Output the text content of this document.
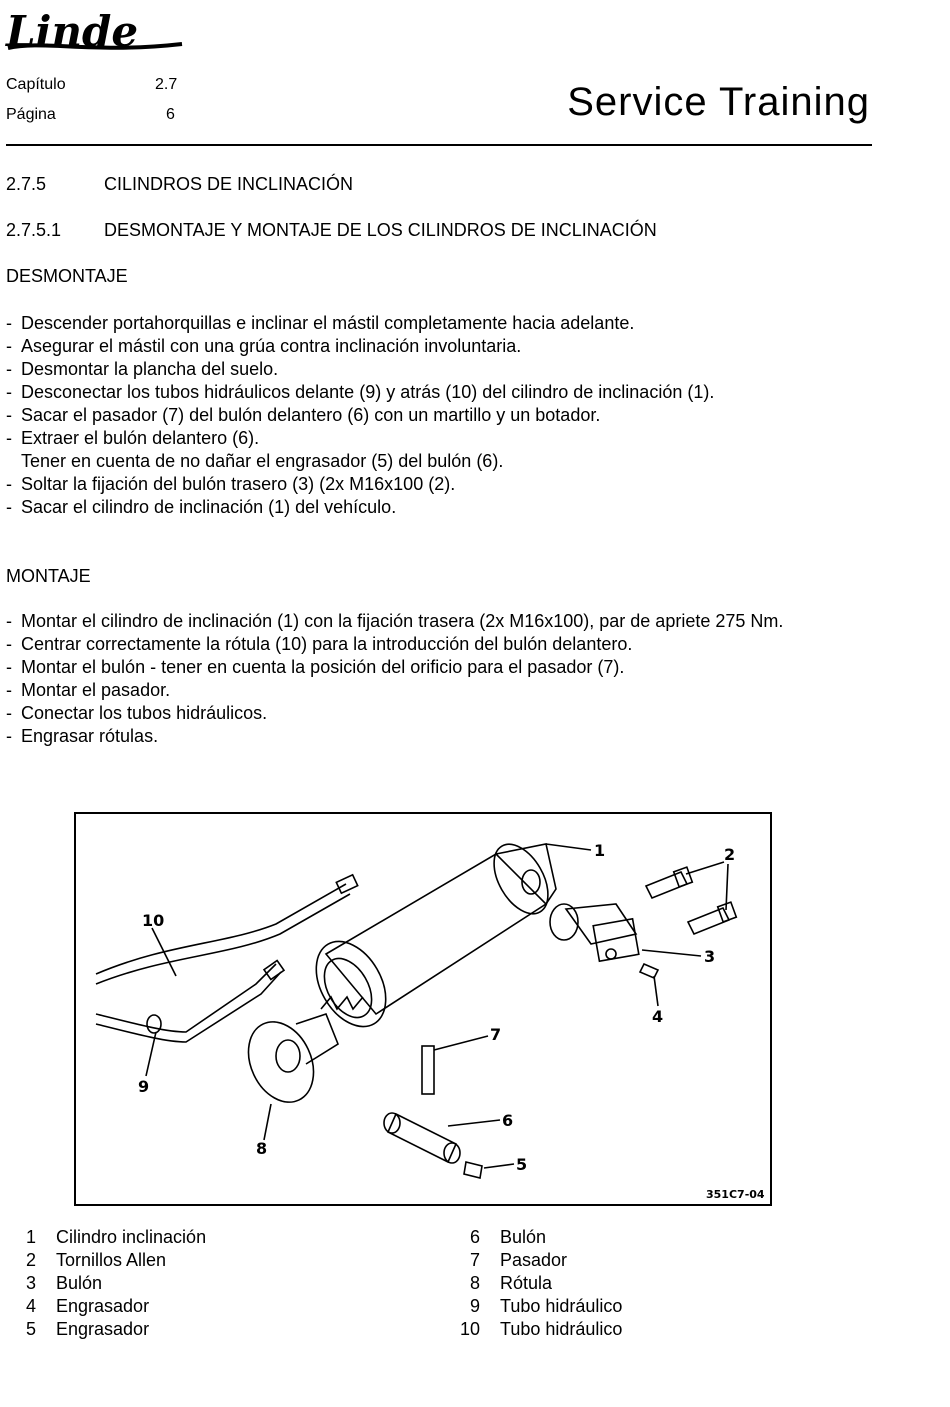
Linde
Capítulo	2.7
Página	6	Service Training
2.7.5	CILINDROS DE INCLINACIÓN
2.7.5.1 DESMONTAJE Y MONTAJE DE LOS CILINDROS DE INCLINACIÓN
DESMONTAJE
- Descender portahorquillas e inclinar el mástil completamente hacia adelante.
- Asegurar el mástil con una grúa contra inclinación involuntaria.
- Desmontar la plancha del suelo.
- Desconectar los tubos hidráulicos delante (9) y atrás (10) del cilindro de inclinación (1).
- Sacar el pasador (7) del bulón delantero (6) con un martillo y un botador.
- Extraer el bulón delantero (6).
Tener en cuenta de no dañar el engrasador (5) del bulón (6).
- Soltar la fijación del bulón trasero (3) (2x M16x100 (2).
- Sacar el cilindro de inclinación (1) del vehículo.
MONTAJE
- Montar el cilindro de inclinación (1) con la fijación trasera (2x M16x100), par de apriete 275 Nm.
- Centrar correctamente la rótula (10) para la introducción del bulón delantero.
- Montar el bulón - tener en cuenta la posición del orificio para el pasador (7).
- Montar el pasador.
- Conectar los tubos hidráulicos.
- Engrasar rótulas.
1	2
3
4
5
6
7
8
9
10
351C7-04
1 Cilindro inclinación
2 Tornillos Allen
3 Bulón
4 Engrasador
5 Engrasador
6 Bulón
7 Pasador
8 Rótula
9 Tubo hidráulico
10 Tubo hidráulico
